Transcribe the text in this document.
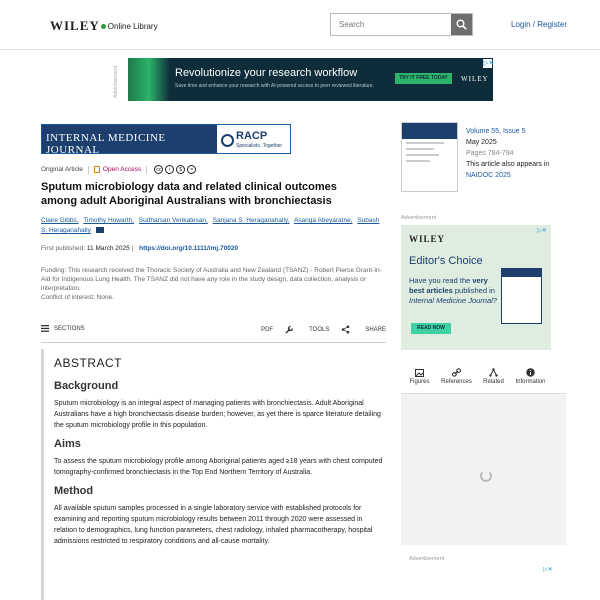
WILEY Online Library
Search	Login / Register
Advertisement	Revolutionize your research workflow
Save time and enhance your research with AI-powered access to peer reviewed literature.
TRY IT FREE TODAY	WILEY
▷✕
INTERNAL MEDICINE JOURNAL
RACP
Specialists. Together
Original Article	Open Access	cc	i	$	=
Sputum microbiology data and related clinical outcomes among adult Aboriginal Australians with bronchiectasis
Claire Gibbs, Timothy Howarth, Sudharsan Venkatesan, Sanjana S. Heraganahally, Asanga Abeyaratne, Subash S. Heraganahally
First published: 11 March 2025 | https://doi.org/10.1111/imj.70020
Funding: This research received the Thoracic Society of Australia and New Zealand (TSANZ) - Robert Pierce Grant-In-Aid for Indigenous Lung Health. The TSANZ did not have any role in the study design, data collection, analysis or interpretation.
Conflict of interest: None.
SECTIONS	PDF	TOOLS	SHARE
ABSTRACT
Background

Sputum microbiology is an integral aspect of managing patients with bronchiectasis. Adult Aboriginal Australians have a high bronchiectasis disease burden; however, as yet there is sparce literature detailing the sputum microbiology profile in this population.

Aims

To assess the sputum microbiology profile among Aboriginal patients aged ≥18 years with chest computed tomography-confirmed bronchiectasis in the Top End Northern Territory of Australia.

Method

All available sputum samples processed in a single laboratory service with established protocols for examining and reporting sputum microbiology results between 2011 through 2020 were assessed in relation to demographics, lung function parameters, chest radiology, inhaled pharmacotherapy, hospital admissions restricted to respiratory conditions and all-cause mortality.

Volume 55, Issue 5
May 2025
Pages 784-794
This article also appears in
NAIDOC 2025
Advertisement
▷✕
WILEY
Editor's Choice
Have you read the very best articles published in Internal Medicine Journal?
READ NOW
Figures	References	Related	Information
Advertisement
▷✕
